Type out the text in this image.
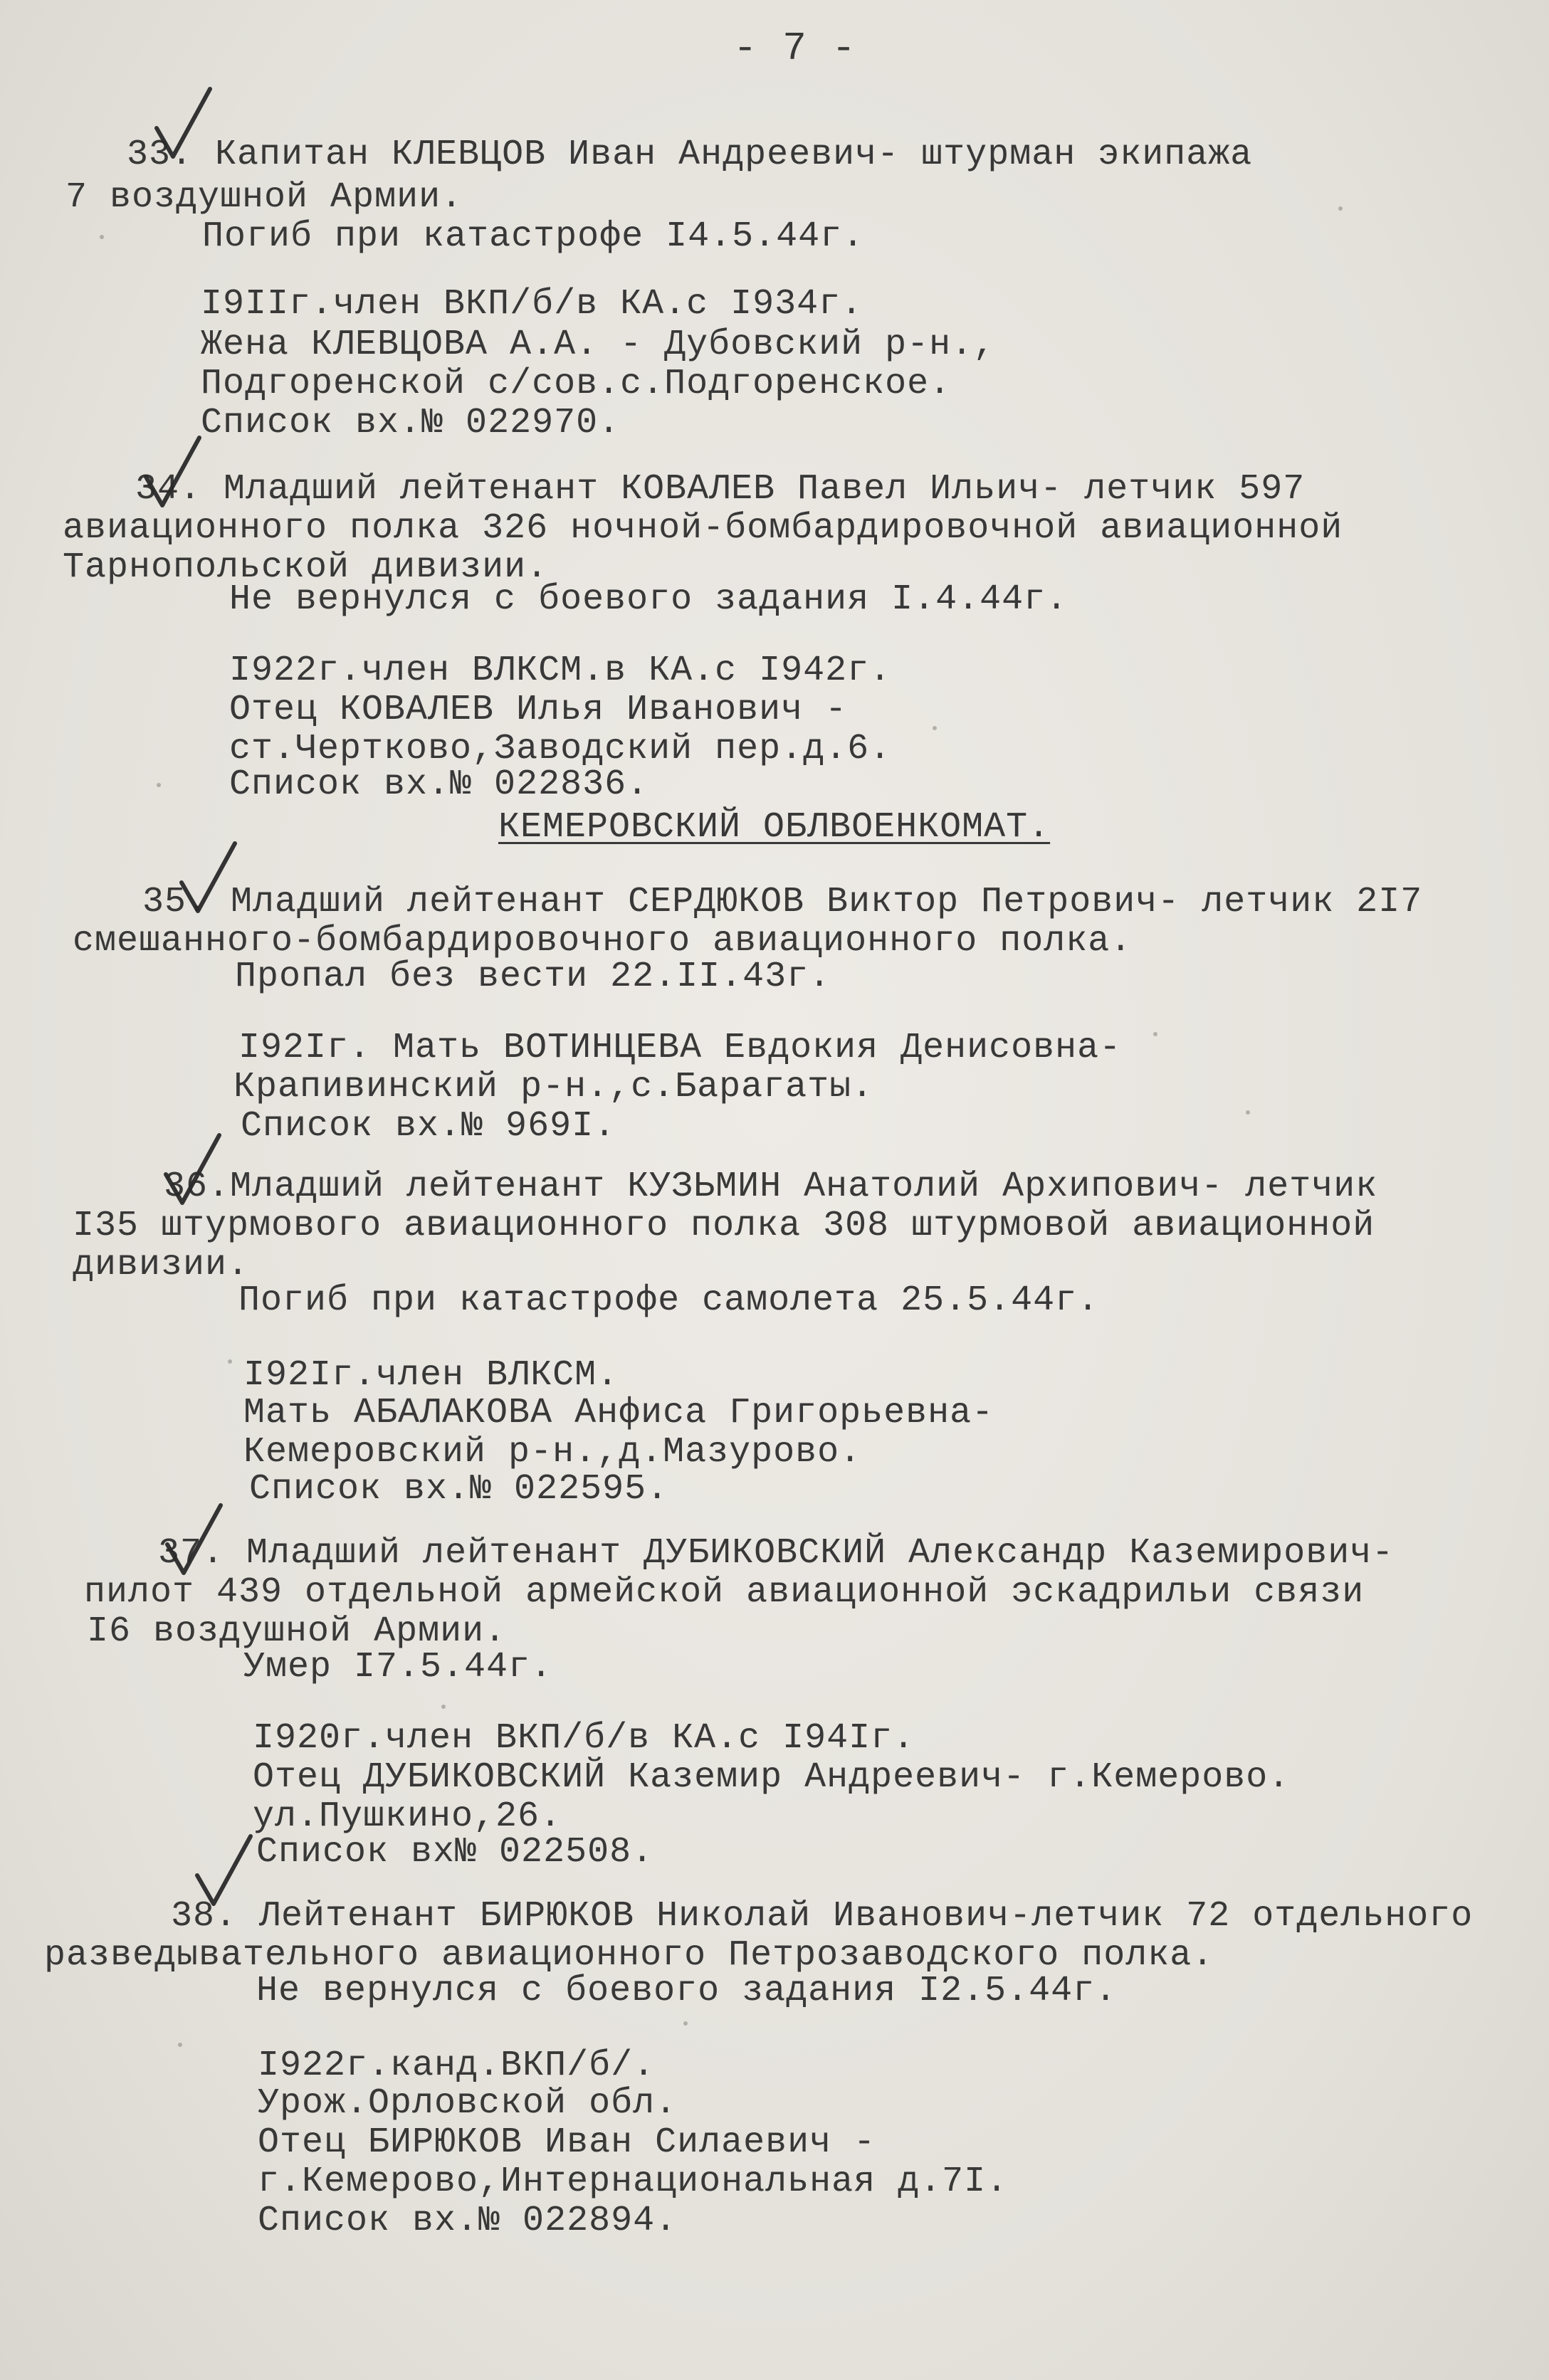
- 7 -
33. Капитан КЛЕВЦОВ Иван Андреевич- штурман экипажа
7 воздушной Армии.
Погиб при катастрофе I4.5.44г.
I9IIг.член ВКП/б/в КА.с I934г.
Жена КЛЕВЦОВА А.А. - Дубовский р-н.,
Подгоренской с/сов.с.Подгоренское.
Список вх.№ 022970.
34. Младший лейтенант КОВАЛЕВ Павел Ильич- летчик 597
авиационного полка 326 ночной-бомбардировочной авиационной
Тарнопольской дивизии.
Не вернулся с боевого задания I.4.44г.
I922г.член ВЛКСМ.в КА.с I942г.
Отец КОВАЛЕВ Илья Иванович -
ст.Чертково,Заводский пер.д.6.
Список вх.№ 022836.
КЕМЕРОВСКИЙ ОБЛВОЕНКОМАТ.
35. Младший лейтенант СЕРДЮКОВ Виктор Петрович- летчик 2I7
смешанного-бомбардировочного авиационного полка.
Пропал без вести 22.II.43г.
I92Iг. Мать ВОТИНЦЕВА Евдокия Денисовна-
Крапивинский р-н.,с.Барагаты.
Список вх.№ 969I.
36.Младший лейтенант КУЗЬМИН Анатолий Архипович- летчик
I35 штурмового авиационного полка 308 штурмовой авиационной
дивизии.
Погиб при катастрофе самолета 25.5.44г.
I92Iг.член ВЛКСМ.
Мать АБАЛАКОВА Анфиса Григорьевна-
Кемеровский р-н.,д.Мазурово.
Список вх.№ 022595.
37. Младший лейтенант ДУБИКОВСКИЙ Александр Каземирович-
пилот 439 отдельной армейской авиационной эскадрильи связи
I6 воздушной Армии.
Умер I7.5.44г.
I920г.член ВКП/б/в КА.с I94Iг.
Отец ДУБИКОВСКИЙ Каземир Андреевич- г.Кемерово.
ул.Пушкино,26.
Список вх№ 022508.
38. Лейтенант БИРЮКОВ Николай Иванович-летчик 72 отдельного
разведывательного авиационного Петрозаводского полка.
Не вернулся с боевого задания I2.5.44г.
I922г.канд.ВКП/б/.
Урож.Орловской обл.
Отец БИРЮКОВ Иван Силаевич -
г.Кемерово,Интернациональная д.7I.
Список вх.№ 022894.
